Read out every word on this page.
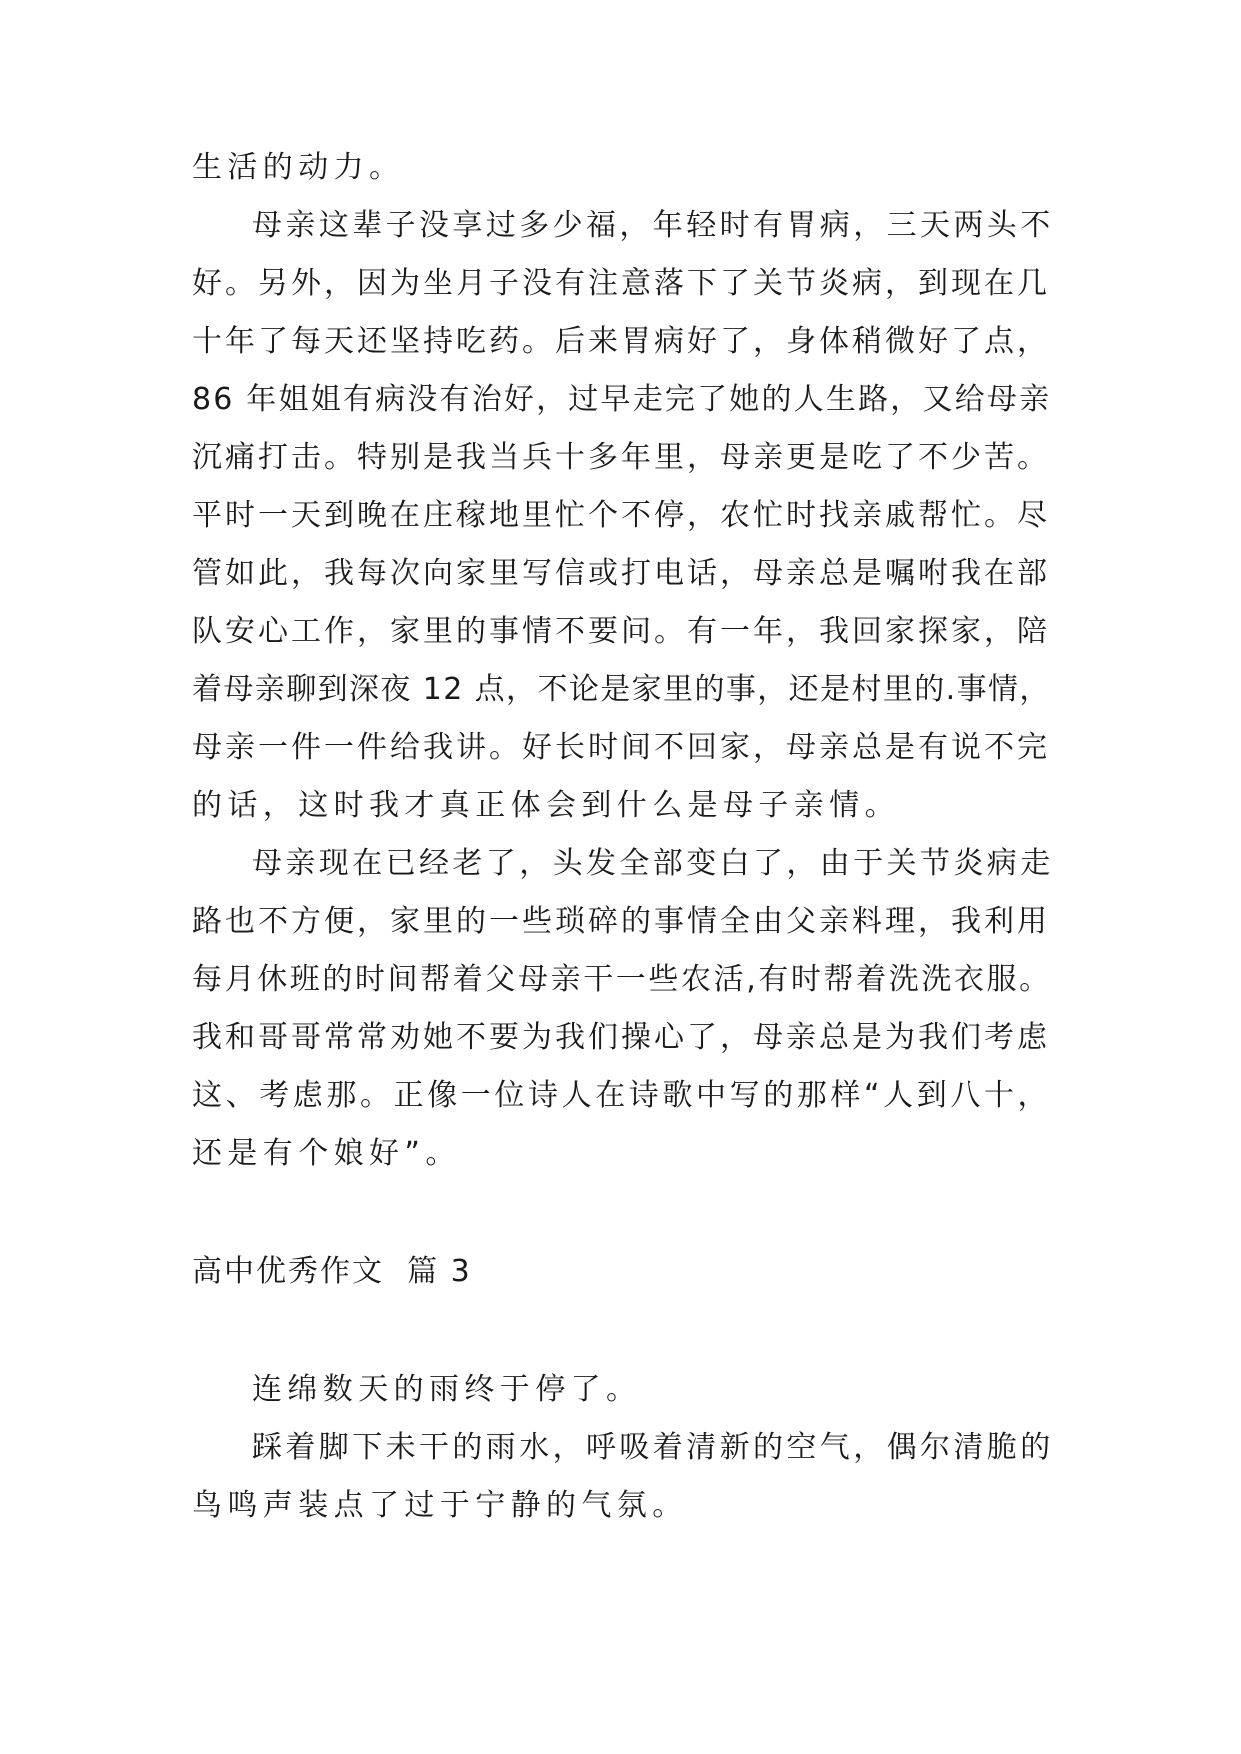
生活的动力。
母亲这辈子没享过多少福，年轻时有胃病，三天两头不
好。另外，因为坐月子没有注意落下了关节炎病，到现在几
十年了每天还坚持吃药。后来胃病好了，身体稍微好了点，
86 年姐姐有病没有治好，过早走完了她的人生路，又给母亲
沉痛打击。特别是我当兵十多年里，母亲更是吃了不少苦。
平时一天到晚在庄稼地里忙个不停，农忙时找亲戚帮忙。尽
管如此，我每次向家里写信或打电话，母亲总是嘱咐我在部
队安心工作，家里的事情不要问。有一年，我回家探家，陪
着母亲聊到深夜 12 点，不论是家里的事，还是村里的.事情，
母亲一件一件给我讲。好长时间不回家，母亲总是有说不完
的话，这时我才真正体会到什么是母子亲情。
母亲现在已经老了，头发全部变白了，由于关节炎病走
路也不方便，家里的一些琐碎的事情全由父亲料理，我利用
每月休班的时间帮着父母亲干一些农活,有时帮着洗洗衣服。
我和哥哥常常劝她不要为我们操心了，母亲总是为我们考虑
这、考虑那。正像一位诗人在诗歌中写的那样“人到八十，
还是有个娘好”。
高中优秀作文  篇 3
连绵数天的雨终于停了。
踩着脚下未干的雨水，呼吸着清新的空气，偶尔清脆的
鸟鸣声装点了过于宁静的气氛。
